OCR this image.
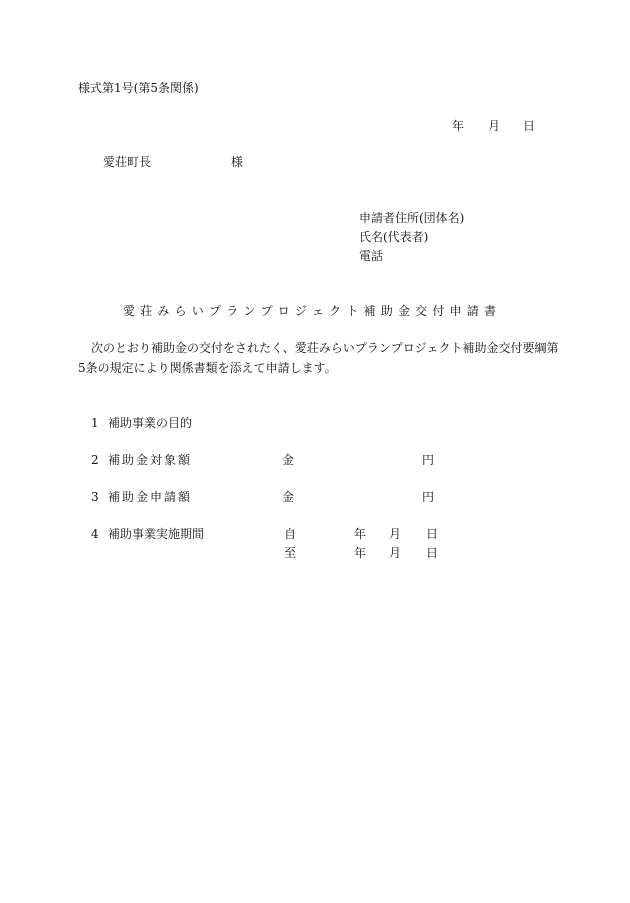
様式第1号(第5条関係)
年 月 日
愛荘町長	様
申請者住所(団体名)
氏名(代表者)
電話
愛荘みらいプランプロジェクト補助金交付申請書
次のとおり補助金の交付をされたく、愛荘みらいプランプロジェクト補助金交付要綱第
5条の規定により関係書類を添えて申請します。
1 補助事業の目的
2 補助金対象額	金	円
3 補助金申請額	金	円
4 補助事業実施期間	自	年 月 日
至	年 月 日
